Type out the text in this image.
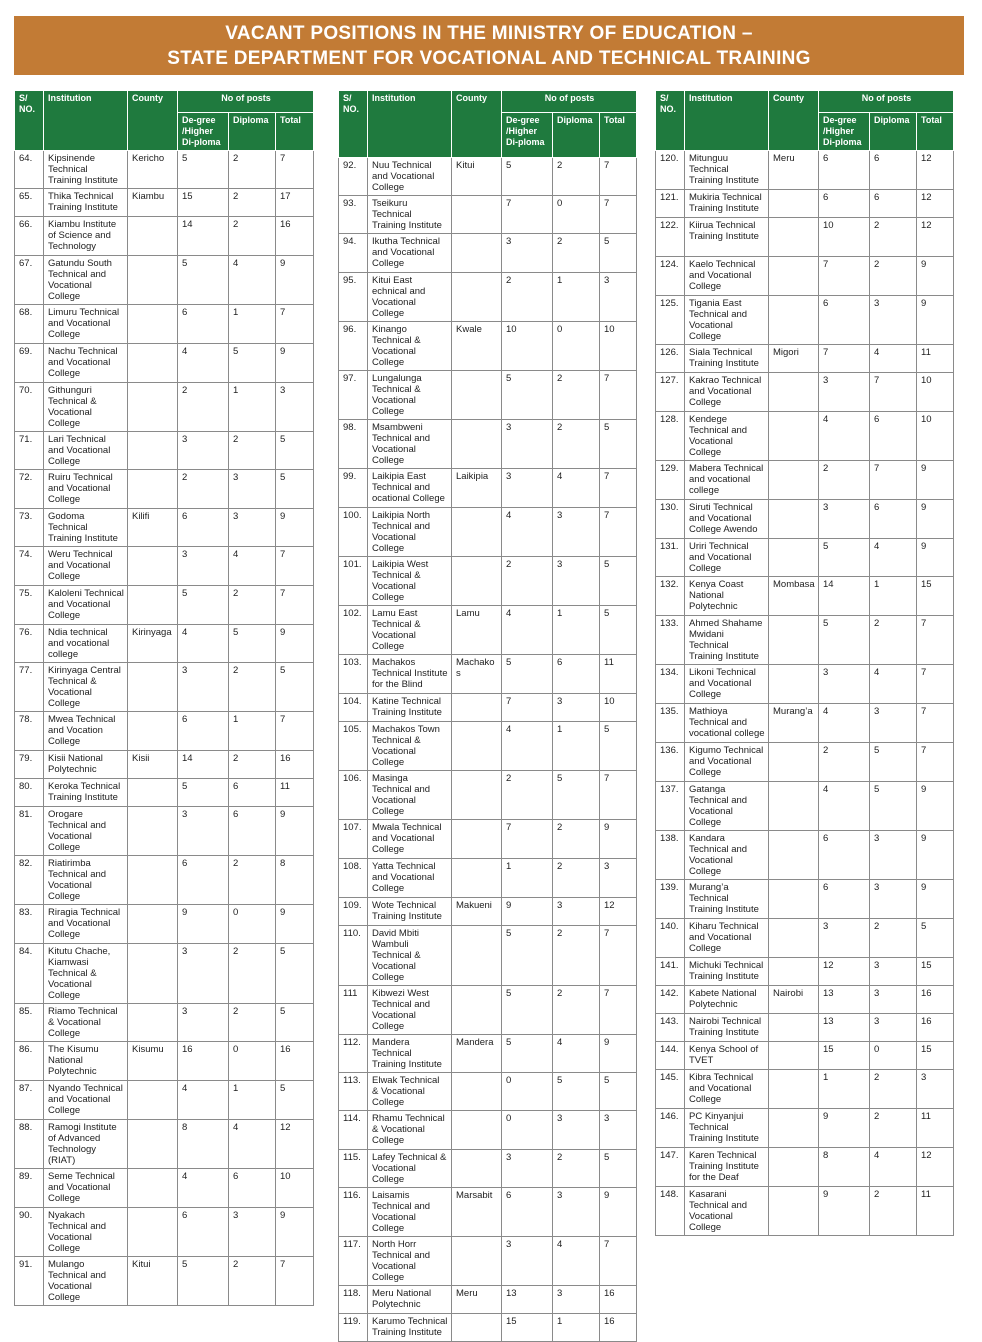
VACANT POSITIONS IN THE MINISTRY OF EDUCATION –
STATE DEPARTMENT FOR VOCATIONAL AND TECHNICAL TRAINING
S/ NO.	Institution	County	No of posts		
			De-gree /Higher Di-ploma	Diploma	Total
64.	Kipsinende Technical Training Institute	Kericho	5	2	7
65.	Thika Technical Training Institute	Kiambu	15	2	17
66.	Kiambu Institute of Science and Technology		14	2	16
67.	Gatundu South Technical and Vocational College		5	4	9
68.	Limuru Technical and Vocational College		6	1	7
69.	Nachu Technical and Vocational College		4	5	9
70.	Githunguri Technical & Vocational College		2	1	3
71.	Lari Technical and Vocational College		3	2	5
72.	Ruiru Technical and Vocational College		2	3	5
73.	Godoma Technical Training Institute	Kilifi	6	3	9
74.	Weru Technical and Vocational College		3	4	7
75.	Kaloleni Technical and Vocational College		5	2	7
76.	Ndia technical and vocational college	Kirinyaga	4	5	9
77.	Kirinyaga Central Technical & Vocational College		3	2	5
78.	Mwea Technical and Vocation College		6	1	7
79.	Kisii National Polytechnic	Kisii	14	2	16
80.	Keroka Technical Training Institute		5	6	11
81.	Orogare Technical and Vocational College		3	6	9
82.	Riatirimba Technical and Vocational College		6	2	8
83.	Riragia Technical and Vocational College		9	0	9
84.	Kitutu Chache, Kiamwasi Technical & Vocational College		3	2	5
85.	Riamo Technical & Vocational College		3	2	5
86.	The Kisumu National Polytechnic	Kisumu	16	0	16
87.	Nyando Technical and Vocational College		4	1	5
88.	Ramogi Institute of Advanced Technology (RIAT)		8	4	12
89.	Seme Technical and Vocational College		4	6	10
90.	Nyakach Technical and Vocational College		6	3	9
91.	Mulango Technical and Vocational College	Kitui	5	2	7
S/ NO.	Institution	County	No of posts		
			De-gree /Higher Di-ploma	Diploma	Total
92.	Nuu Technical and Vocational College	Kitui	5	2	7
93.	Tseikuru Technical Training Institute		7	0	7
94.	Ikutha Technical and Vocational College		3	2	5
95.	Kitui East echnical and Vocational College		2	1	3
96.	Kinango Technical & Vocational College	Kwale	10	0	10
97.	Lungalunga Technical & Vocational College		5	2	7
98.	Msambweni Technical and Vocational College		3	2	5
99.	Laikipia East Technical and ocational College	Laikipia	3	4	7
100.	Laikipia North Technical and Vocational College		4	3	7
101.	Laikipia West Technical & Vocational College		2	3	5
102.	Lamu East Technical & Vocational College	Lamu	4	1	5
103.	Machakos Technical Institute for the Blind	Machakos	5	6	11
104.	Katine Technical Training Institute		7	3	10
105.	Machakos Town Technical & Vocational College		4	1	5
106.	Masinga Technical and Vocational College		2	5	7
107.	Mwala Technical and Vocational College		7	2	9
108.	Yatta Technical and Vocational College		1	2	3
109.	Wote Technical Training Institute	Makueni	9	3	12
110.	David Mbiti Wambuli Technical & Vocational College		5	2	7
111	Kibwezi West Technical and Vocational College		5	2	7
112.	Mandera Technical Training Institute	Mandera	5	4	9
113.	Elwak Technical & Vocational College		0	5	5
114.	Rhamu Technical & Vocational College		0	3	3
115.	Lafey Technical & Vocational College		3	2	5
116.	Laisamis Technical and Vocational College	Marsabit	6	3	9
117.	North Horr Technical and Vocational College		3	4	7
118.	Meru National Polytechnic	Meru	13	3	16
119.	Karumo Technical Training Institute		15	1	16
S/ NO.	Institution	County	No of posts		
			De-gree /Higher Di-ploma	Diploma	Total
120.	Mitunguu Technical Training Institute	Meru	6	6	12
121.	Mukiria Technical Training Institute		6	6	12
122.	Kiirua Technical Training Institute		10	2	12
124.	Kaelo Technical and Vocational College		7	2	9
125.	Tigania East Technical and Vocational College		6	3	9
126.	Siala Technical Training Institute	Migori	7	4	11
127.	Kakrao Technical and Vocational College		3	7	10
128.	Kendege Technical and Vocational College		4	6	10
129.	Mabera Technical and vocational college		2	7	9
130.	Siruti Technical and Vocational College Awendo		3	6	9
131.	Uriri Technical and Vocational College		5	4	9
132.	Kenya Coast National Polytechnic	Mombasa	14	1	15
133.	Ahmed Shahame Mwidani Technical Training Institute		5	2	7
134.	Likoni Technical and Vocational College		3	4	7
135.	Mathioya Technical and vocational college	Murang’a	4	3	7
136.	Kigumo Technical and Vocational College		2	5	7
137.	Gatanga Technical and Vocational College		4	5	9
138.	Kandara Technical and Vocational College		6	3	9
139.	Murang’a Technical Training Institute		6	3	9
140.	Kiharu Technical and Vocational College		3	2	5
141.	Michuki Technical Training Institute		12	3	15
142.	Kabete National Polytechnic	Nairobi	13	3	16
143.	Nairobi Technical Training Institute		13	3	16
144.	Kenya School of TVET		15	0	15
145.	Kibra Technical and Vocational College		1	2	3
146.	PC Kinyanjui Technical Training Institute		9	2	11
147.	Karen Technical Training Institute for the Deaf		8	4	12
148.	Kasarani Technical and Vocational College		9	2	11
